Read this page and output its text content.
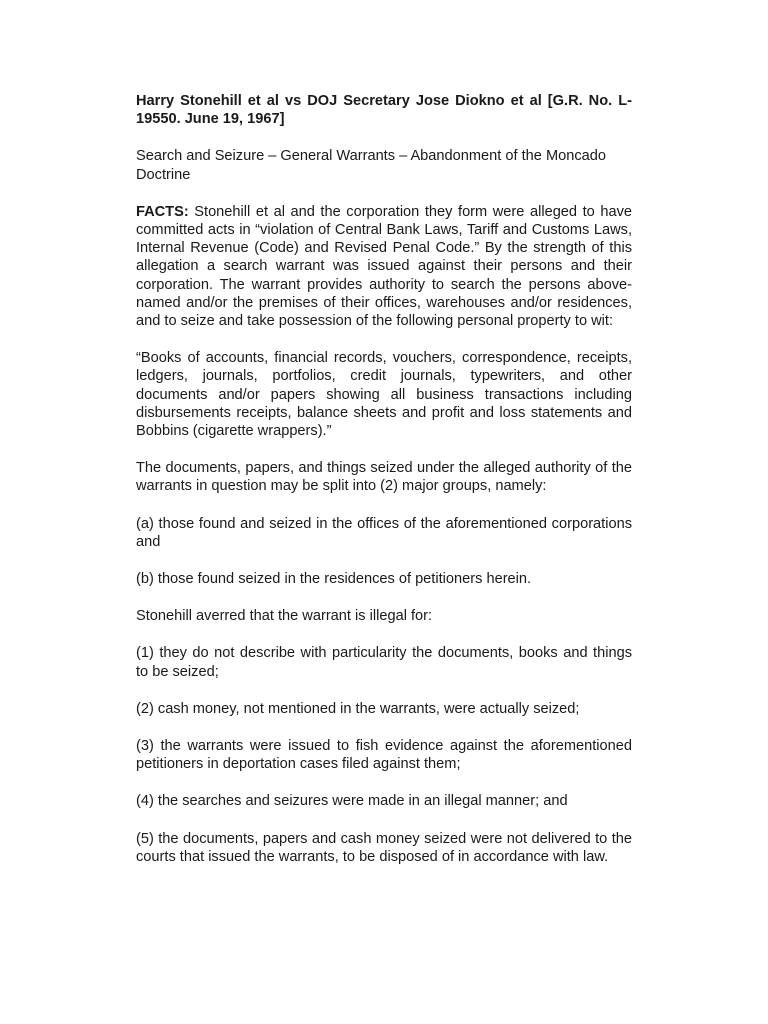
Harry Stonehill et al vs DOJ Secretary Jose Diokno et al [G.R. No. L-19550. June 19, 1967]

Search and Seizure – General Warrants – Abandonment of the Moncado Doctrine

FACTS: Stonehill et al and the corporation they form were alleged to have committed acts in “violation of Central Bank Laws, Tariff and Customs Laws, Internal Revenue (Code) and Revised Penal Code.” By the strength of this allegation a search warrant was issued against their persons and their corporation. The warrant provides authority to search the persons above-named and/or the premises of their offices, warehouses and/or residences, and to seize and take possession of the following personal property to wit:

“Books of accounts, financial records, vouchers, correspondence, receipts, ledgers, journals, portfolios, credit journals, typewriters, and other documents and/or papers showing all business transactions including disbursements receipts, balance sheets and profit and loss statements and Bobbins (cigarette wrappers).”

The documents, papers, and things seized under the alleged authority of the warrants in question may be split into (2) major groups, namely:

(a) those found and seized in the offices of the aforementioned corporations and

(b) those found seized in the residences of petitioners herein.

Stonehill averred that the warrant is illegal for:

(1) they do not describe with particularity the documents, books and things to be seized;

(2) cash money, not mentioned in the warrants, were actually seized;

(3) the warrants were issued to fish evidence against the aforementioned petitioners in deportation cases filed against them;

(4) the searches and seizures were made in an illegal manner; and

(5) the documents, papers and cash money seized were not delivered to the courts that issued the warrants, to be disposed of in accordance with law.
